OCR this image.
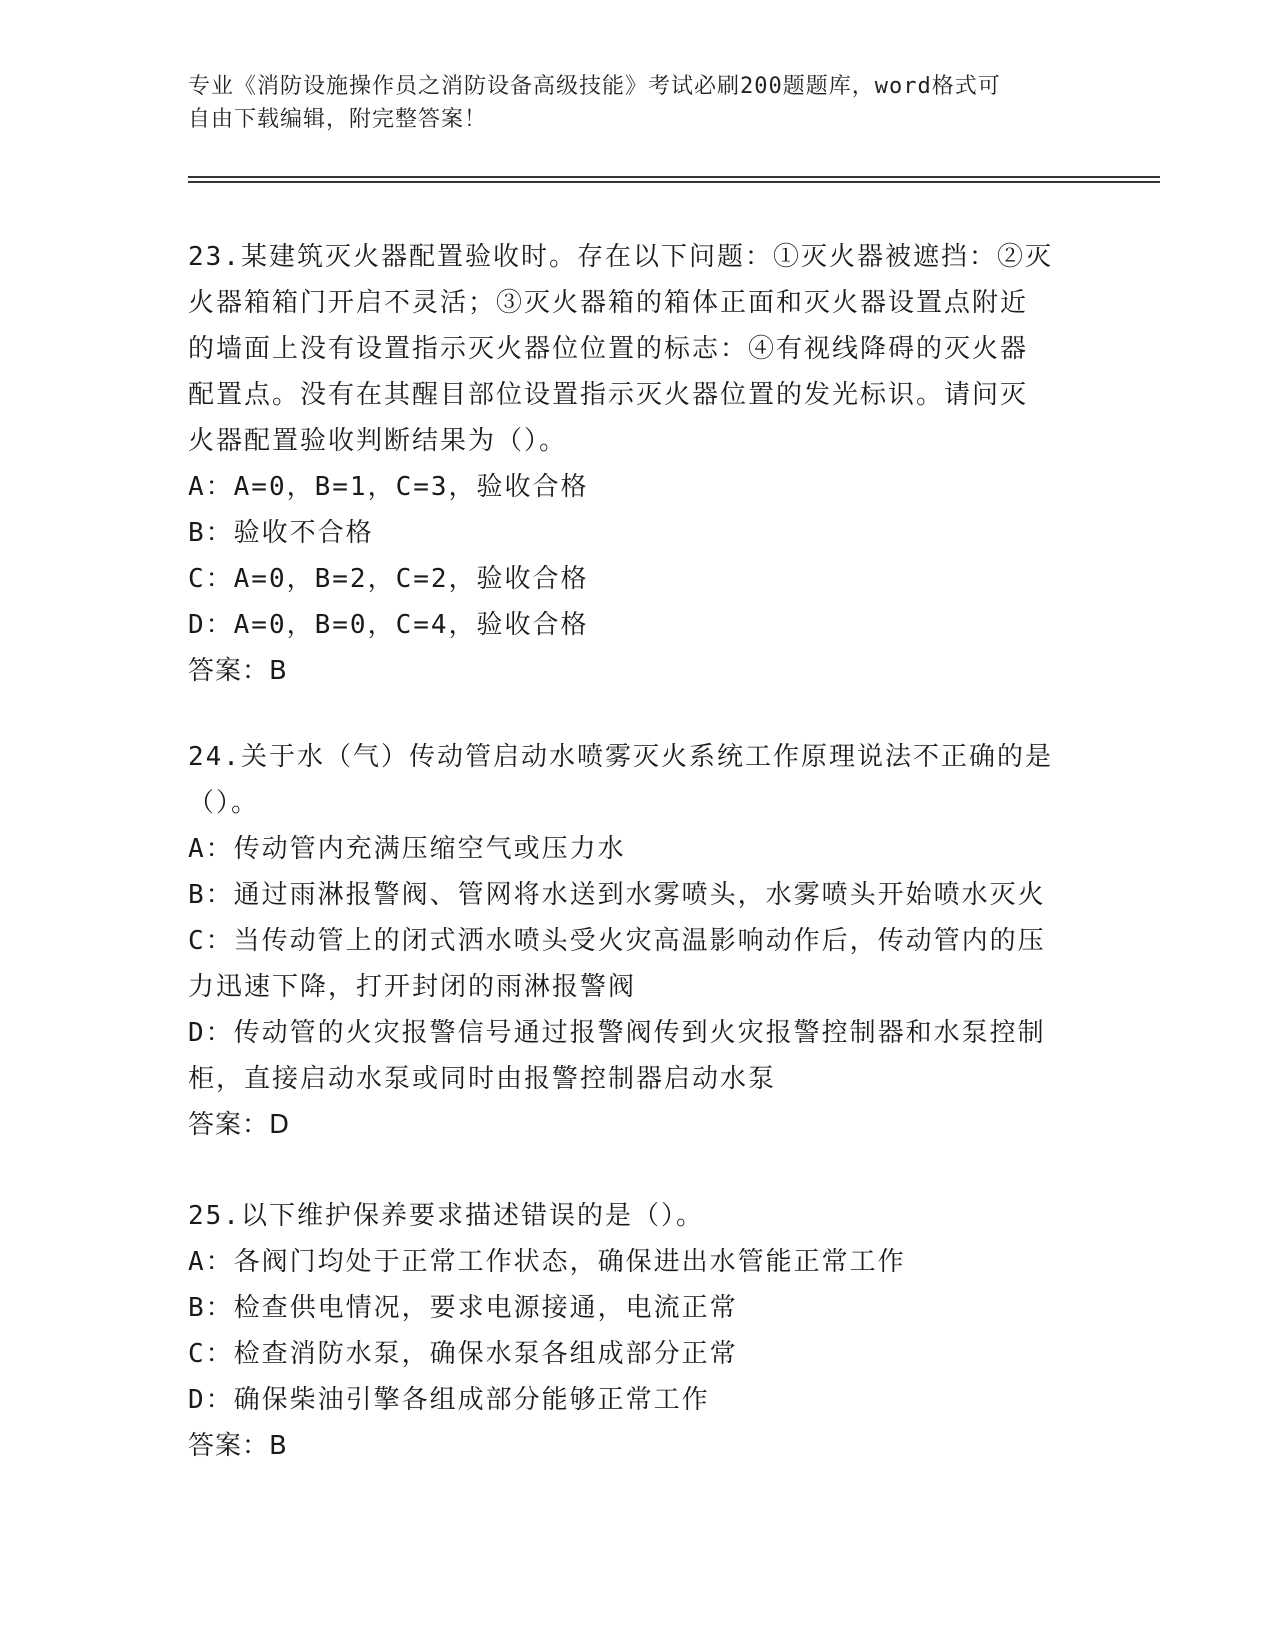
专业《消防设施操作员之消防设备高级技能》考试必刷200题题库，word格式可
自由下载编辑，附完整答案！

23.某建筑灭火器配置验收时。存在以下问题：①灭火器被遮挡：②灭

火器箱箱门开启不灵活；③灭火器箱的箱体正面和灭火器设置点附近

的墙面上没有设置指示灭火器位位置的标志：④有视线降碍的灭火器

配置点。没有在其醒目部位设置指示灭火器位置的发光标识。请问灭

火器配置验收判断结果为（）。

A：A=0，B=1，C=3，验收合格

B：验收不合格

C：A=0，B=2，C=2，验收合格

D：A=0，B=0，C=4，验收合格

答案：B

24.关于水（气）传动管启动水喷雾灭火系统工作原理说法不正确的是

（）。

A：传动管内充满压缩空气或压力水

B：通过雨淋报警阀、管网将水送到水雾喷头，水雾喷头开始喷水灭火

C：当传动管上的闭式洒水喷头受火灾高温影响动作后，传动管内的压

力迅速下降，打开封闭的雨淋报警阀

D：传动管的火灾报警信号通过报警阀传到火灾报警控制器和水泵控制

柜，直接启动水泵或同时由报警控制器启动水泵

答案：D

25.以下维护保养要求描述错误的是（）。

A：各阀门均处于正常工作状态，确保进出水管能正常工作

B：检查供电情况，要求电源接通，电流正常

C：检查消防水泵，确保水泵各组成部分正常

D：确保柴油引擎各组成部分能够正常工作

答案：B
